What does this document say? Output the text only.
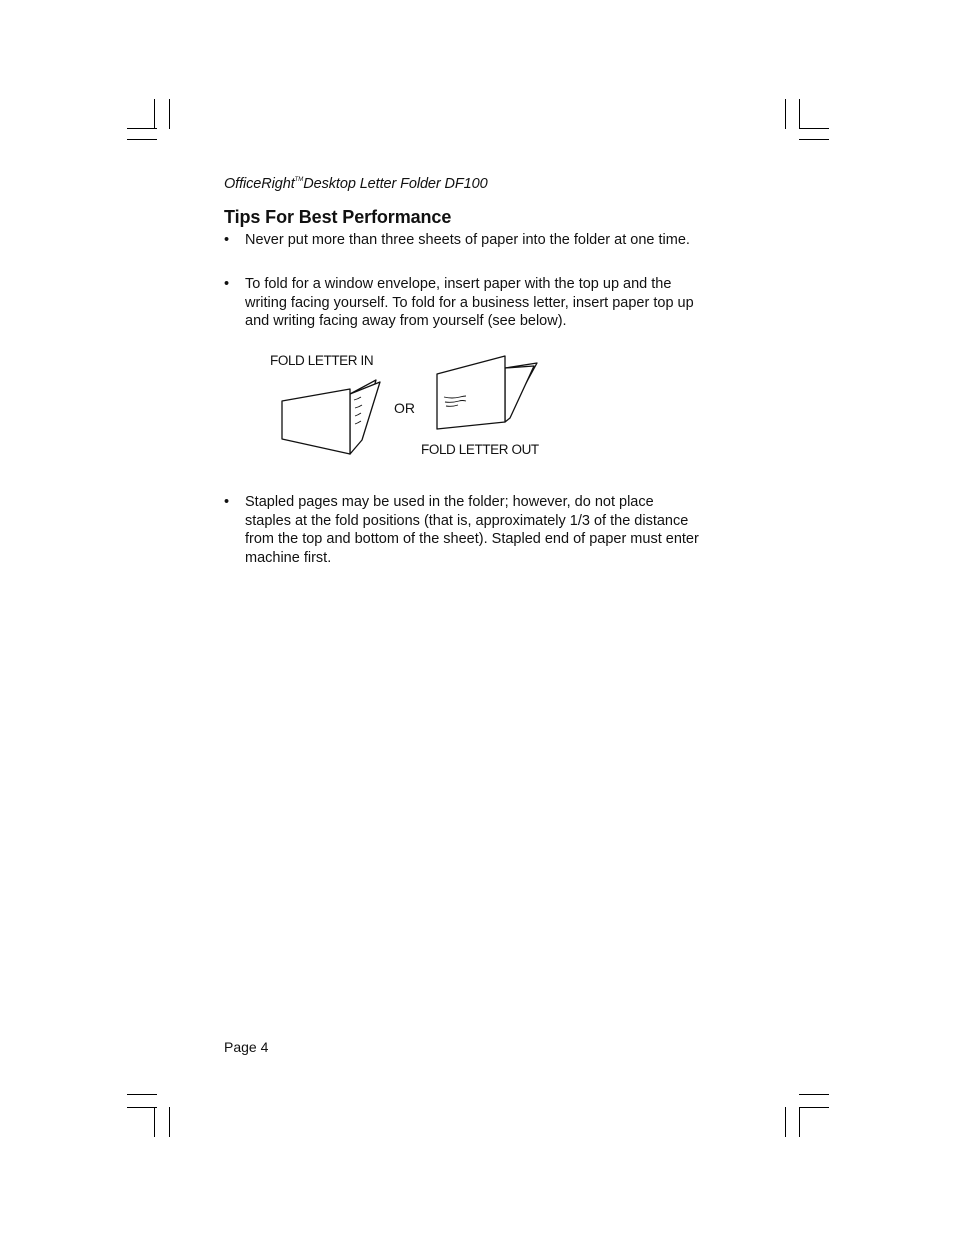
OfficeRight™Desktop Letter Folder DF100
Tips For Best Performance
• Never put more than three sheets of paper into the folder at one time.
• To fold for a window envelope, insert paper with the top up and the writing facing yourself. To fold for a business letter, insert paper top up and writing facing away from yourself (see below).
FOLD LETTER IN
OR
FOLD LETTER OUT
• Stapled pages may be used in the folder; however, do not place staples at the fold positions (that is, approximately 1/3 of the distance from the top and bottom of the sheet). Stapled end of paper must enter machine first.
Page 4
